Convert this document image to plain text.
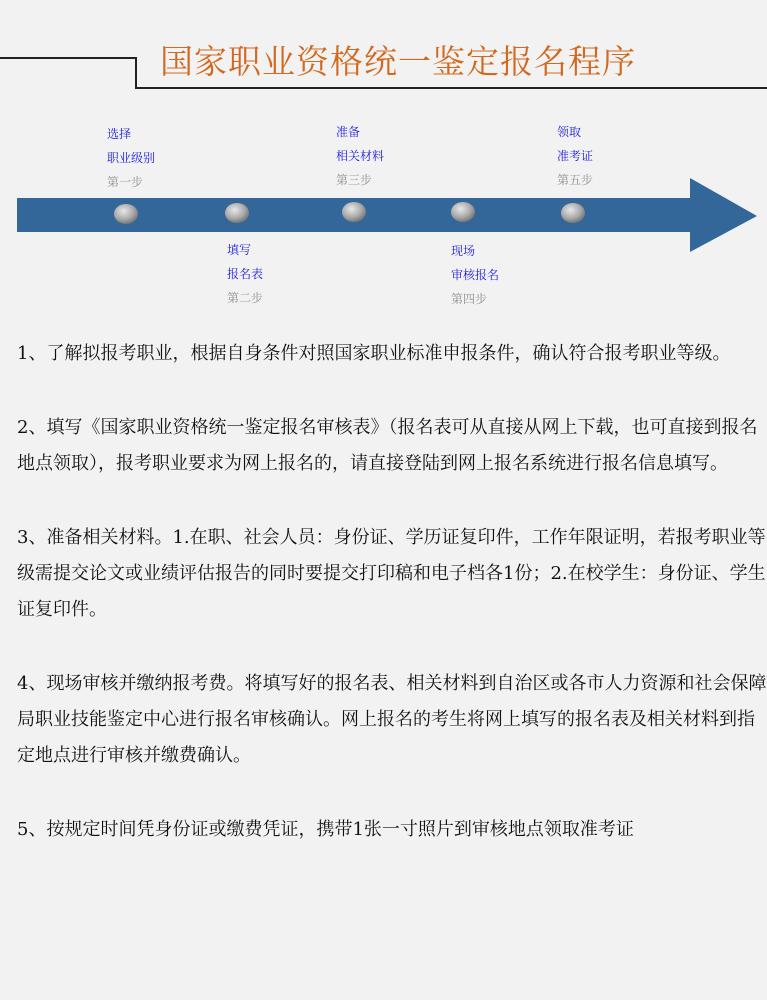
国家职业资格统一鉴定报名程序
选择
职业级别
第一步
填写
报名表
第二步
准备
相关材料
第三步
现场
审核报名
第四步
领取
准考证
第五步

1、了解拟报考职业，根据自身条件对照国家职业标准申报条件，确认符合报考职业等级。

2、填写《国家职业资格统一鉴定报名审核表》（报名表可从直接从网上下载，也可直接到报名地点领取），报考职业要求为网上报名的，请直接登陆到网上报名系统进行报名信息填写。

3、准备相关材料。1.在职、社会人员：身份证、学历证复印件，工作年限证明，若报考职业等级需提交论文或业绩评估报告的同时要提交打印稿和电子档各1份；2.在校学生：身份证、学生证复印件。

4、现场审核并缴纳报考费。将填写好的报名表、相关材料到自治区或各市人力资源和社会保障局职业技能鉴定中心进行报名审核确认。网上报名的考生将网上填写的报名表及相关材料到指定地点进行审核并缴费确认。

5、按规定时间凭身份证或缴费凭证，携带1张一寸照片到审核地点领取准考证
